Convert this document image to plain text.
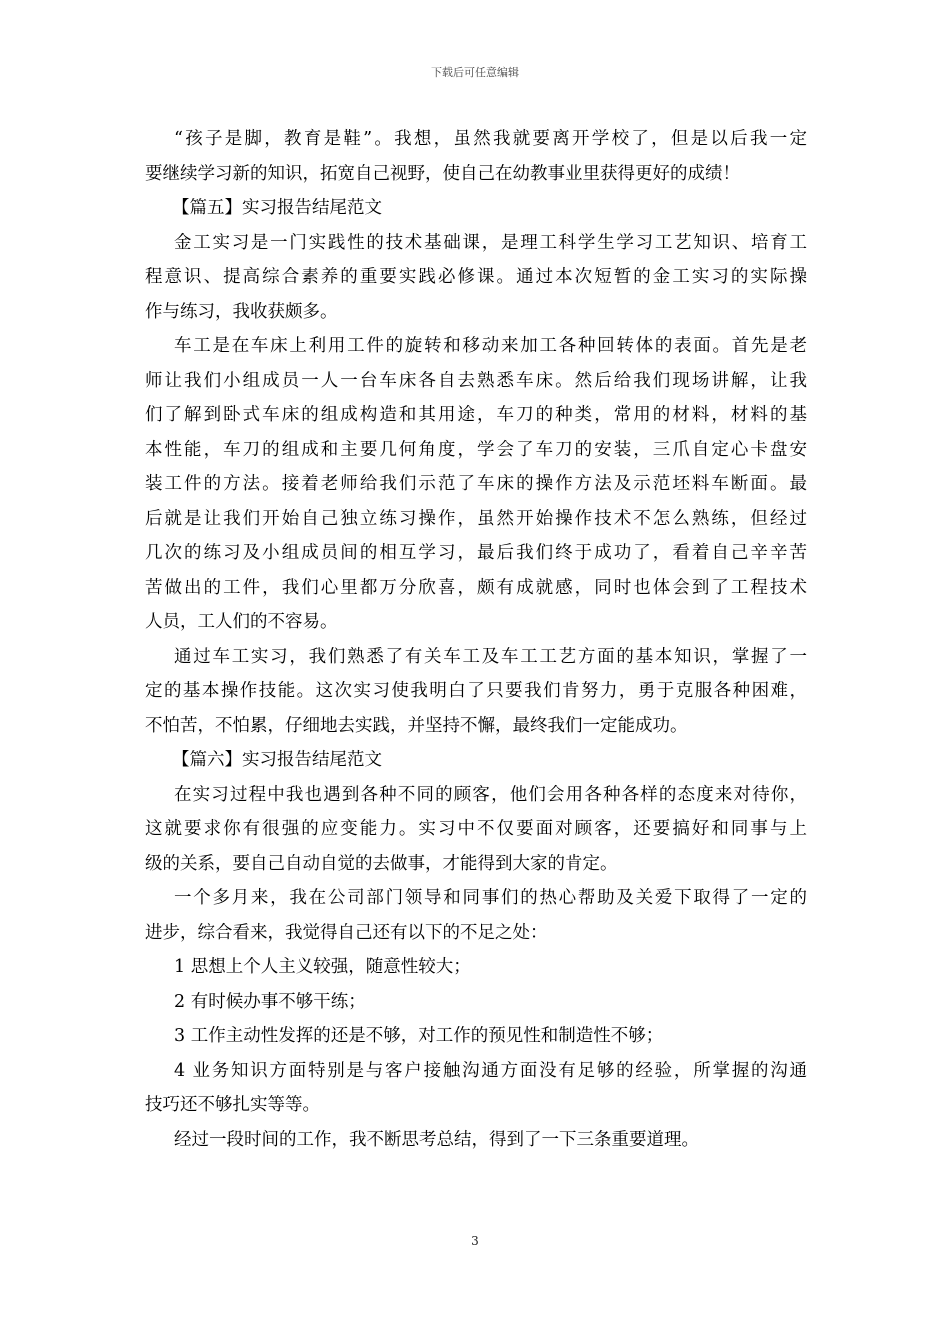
下载后可任意编辑
“孩子是脚，教育是鞋”。我想，虽然我就要离开学校了，但是以后我一定
要继续学习新的知识，拓宽自己视野，使自己在幼教事业里获得更好的成绩！
【篇五】实习报告结尾范文
金工实习是一门实践性的技术基础课，是理工科学生学习工艺知识、培育工
程意识、提高综合素养的重要实践必修课。通过本次短暂的金工实习的实际操
作与练习，我收获颇多。
车工是在车床上利用工件的旋转和移动来加工各种回转体的表面。首先是老
师让我们小组成员一人一台车床各自去熟悉车床。然后给我们现场讲解，让我
们了解到卧式车床的组成构造和其用途，车刀的种类，常用的材料，材料的基
本性能，车刀的组成和主要几何角度，学会了车刀的安装，三爪自定心卡盘安
装工件的方法。接着老师给我们示范了车床的操作方法及示范坯料车断面。最
后就是让我们开始自己独立练习操作，虽然开始操作技术不怎么熟练，但经过
几次的练习及小组成员间的相互学习，最后我们终于成功了，看着自己辛辛苦
苦做出的工件，我们心里都万分欣喜，颇有成就感，同时也体会到了工程技术
人员，工人们的不容易。
通过车工实习，我们熟悉了有关车工及车工工艺方面的基本知识，掌握了一
定的基本操作技能。这次实习使我明白了只要我们肯努力，勇于克服各种困难，
不怕苦，不怕累，仔细地去实践，并坚持不懈，最终我们一定能成功。
【篇六】实习报告结尾范文
在实习过程中我也遇到各种不同的顾客，他们会用各种各样的态度来对待你，
这就要求你有很强的应变能力。实习中不仅要面对顾客，还要搞好和同事与上
级的关系，要自己自动自觉的去做事，才能得到大家的肯定。
一个多月来，我在公司部门领导和同事们的热心帮助及关爱下取得了一定的
进步，综合看来，我觉得自己还有以下的不足之处：
1 思想上个人主义较强，随意性较大；
2 有时候办事不够干练；
3 工作主动性发挥的还是不够，对工作的预见性和制造性不够；
4 业务知识方面特别是与客户接触沟通方面没有足够的经验，所掌握的沟通
技巧还不够扎实等等。
经过一段时间的工作，我不断思考总结，得到了一下三条重要道理。
3
